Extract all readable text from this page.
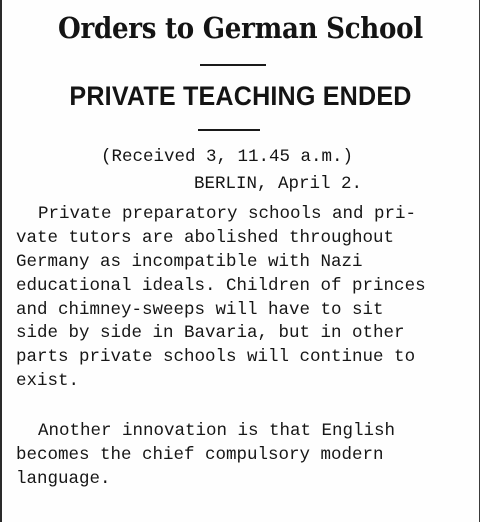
Orders to German School
PRIVATE TEACHING ENDED

(Received 3, 11.45 a.m.)

BERLIN, April 2.

Private preparatory schools and pri-

vate tutors are abolished throughout

Germany as incompatible with Nazi

educational ideals. Children of princes

and chimney-sweeps will have to sit

side by side in Bavaria, but in other

parts private schools will continue to

exist.

Another innovation is that English

becomes the chief compulsory modern

language.
